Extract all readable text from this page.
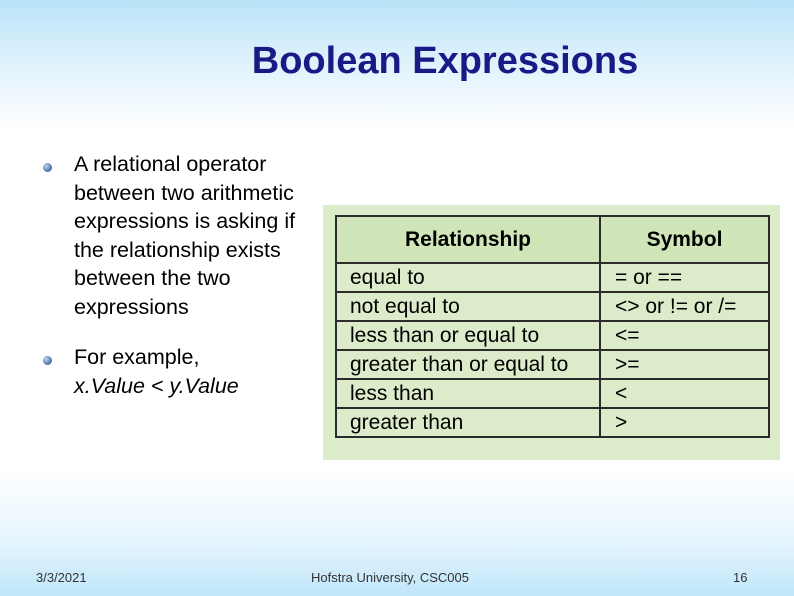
Boolean Expressions
A relational operator between two arithmetic expressions is asking if the relationship exists between the two expressions
For example,
x.Value < y.Value
Relationship	Symbol
equal to	= or ==
not equal to	<> or != or /=
less than or equal to	<=
greater than or equal to	>=
less than	<
greater than	>
3/3/2021	Hofstra University, CSC005	16
